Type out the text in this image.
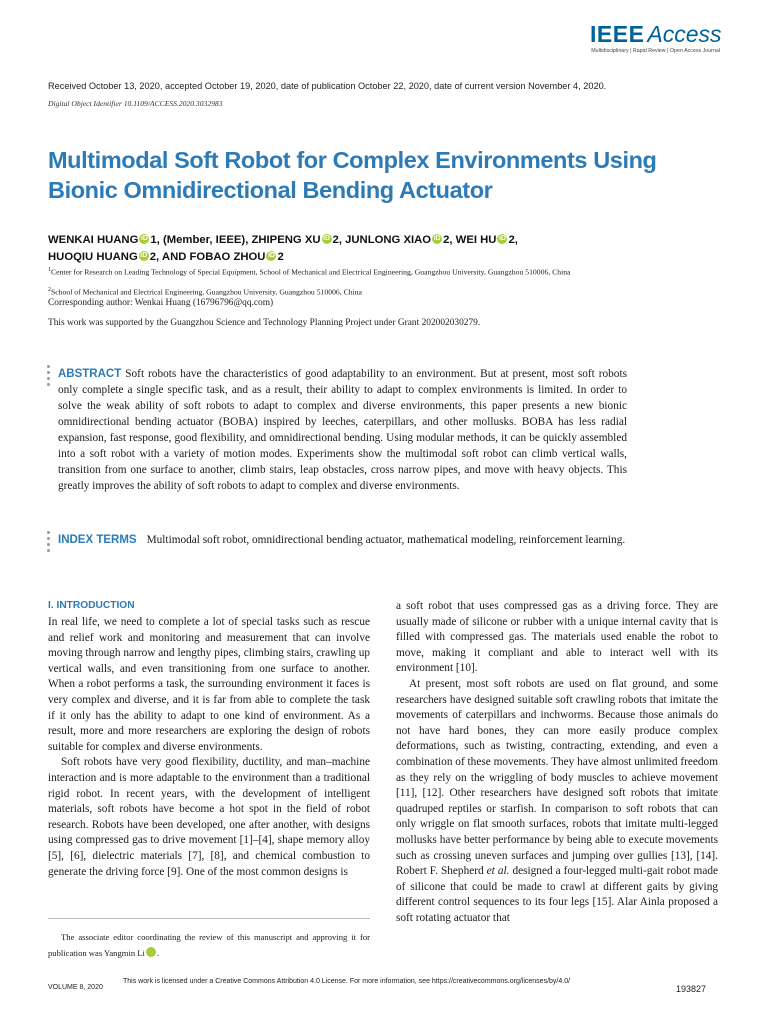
IEEE Access
Multidisciplinary | Rapid Review | Open Access Journal
Received October 13, 2020, accepted October 19, 2020, date of publication October 22, 2020, date of current version November 4, 2020.
Digital Object Identifier 10.1109/ACCESS.2020.3032983
Multimodal Soft Robot for Complex Environments Using Bionic Omnidirectional Bending Actuator
WENKAI HUANG iD 1, (Member, IEEE), ZHIPENG XU iD 2, JUNLONG XIAO iD 2, WEI HU iD 2,
HUOQIU HUANG iD 2, AND FOBAO ZHOU iD 2
$^1$Center for Research on Leading Technology of Special Equipment, School of Mechanical and Electrical Engineering, Guangzhou University, Guangzhou 510006, China
$^2$School of Mechanical and Electrical Engineering, Guangzhou University, Guangzhou 510006, China
Corresponding author: Wenkai Huang (16796796@qq.com)
This work was supported by the Guangzhou Science and Technology Planning Project under Grant 202002030279.
ABSTRACT Soft robots have the characteristics of good adaptability to an environment. But at present, most soft robots only complete a single specific task, and as a result, their ability to adapt to complex environments is limited. In order to solve the weak ability of soft robots to adapt to complex and diverse environments, this paper presents a new bionic omnidirectional bending actuator (BOBA) inspired by leeches, caterpillars, and other mollusks. BOBA has less radial expansion, fast response, good flexibility, and omnidirectional bending. Using modular methods, it can be quickly assembled into a soft robot with a variety of motion modes. Experiments show the multimodal soft robot can climb vertical walls, transition from one surface to another, climb stairs, leap obstacles, cross narrow pipes, and move with heavy objects. This greatly improves the ability of soft robots to adapt to complex and diverse environments.
INDEX TERMS Multimodal soft robot, omnidirectional bending actuator, mathematical modeling, reinforcement learning.
I. INTRODUCTION

In real life, we need to complete a lot of special tasks such as rescue and relief work and monitoring and measurement that can involve moving through narrow and lengthy pipes, climbing stairs, crawling up vertical walls, and even transitioning from one surface to another. When a robot performs a task, the surrounding environment it faces is very complex and diverse, and it is far from able to complete the task if it only has the ability to adapt to one kind of environment. As a result, more and more researchers are exploring the design of robots suitable for complex and diverse environments.

Soft robots have very good flexibility, ductility, and man–machine interaction and is more adaptable to the environment than a traditional rigid robot. In recent years, with the development of intelligent materials, soft robots have become a hot spot in the field of robot research. Robots have been developed, one after another, with designs using compressed gas to drive movement [1]–[4], shape memory alloy [5], [6], dielectric materials [7], [8], and chemical combustion to generate the driving force [9]. One of the most common designs is

a soft robot that uses compressed gas as a driving force. They are usually made of silicone or rubber with a unique internal cavity that is filled with compressed gas. The materials used enable the robot to move, making it compliant and able to interact well with its environment [10].

At present, most soft robots are used on flat ground, and some researchers have designed suitable soft crawling robots that imitate the movements of caterpillars and inchworms. Because those animals do not have hard bones, they can more easily produce complex deformations, such as twisting, contracting, extending, and even a combination of these movements. They have almost unlimited freedom as they rely on the wriggling of body muscles to achieve movement [11], [12]. Other researchers have designed soft robots that imitate quadruped reptiles or starfish. In comparison to soft robots that can only wriggle on flat smooth surfaces, robots that imitate multi-legged mollusks have better performance by being able to execute movements such as crossing uneven surfaces and jumping over gullies [13], [14]. Robert F. Shepherd et al. designed a four-legged multi-gait robot made of silicone that could be made to crawl at different gaits by giving different control sequences to its four legs [15]. Alar Ainla proposed a soft rotating actuator that

The associate editor coordinating the review of this manuscript and approving it for publication was Yangmin Li iD.

VOLUME 8, 2020
This work is licensed under a Creative Commons Attribution 4.0 License. For more information, see https://creativecommons.org/licenses/by/4.0/
193827
